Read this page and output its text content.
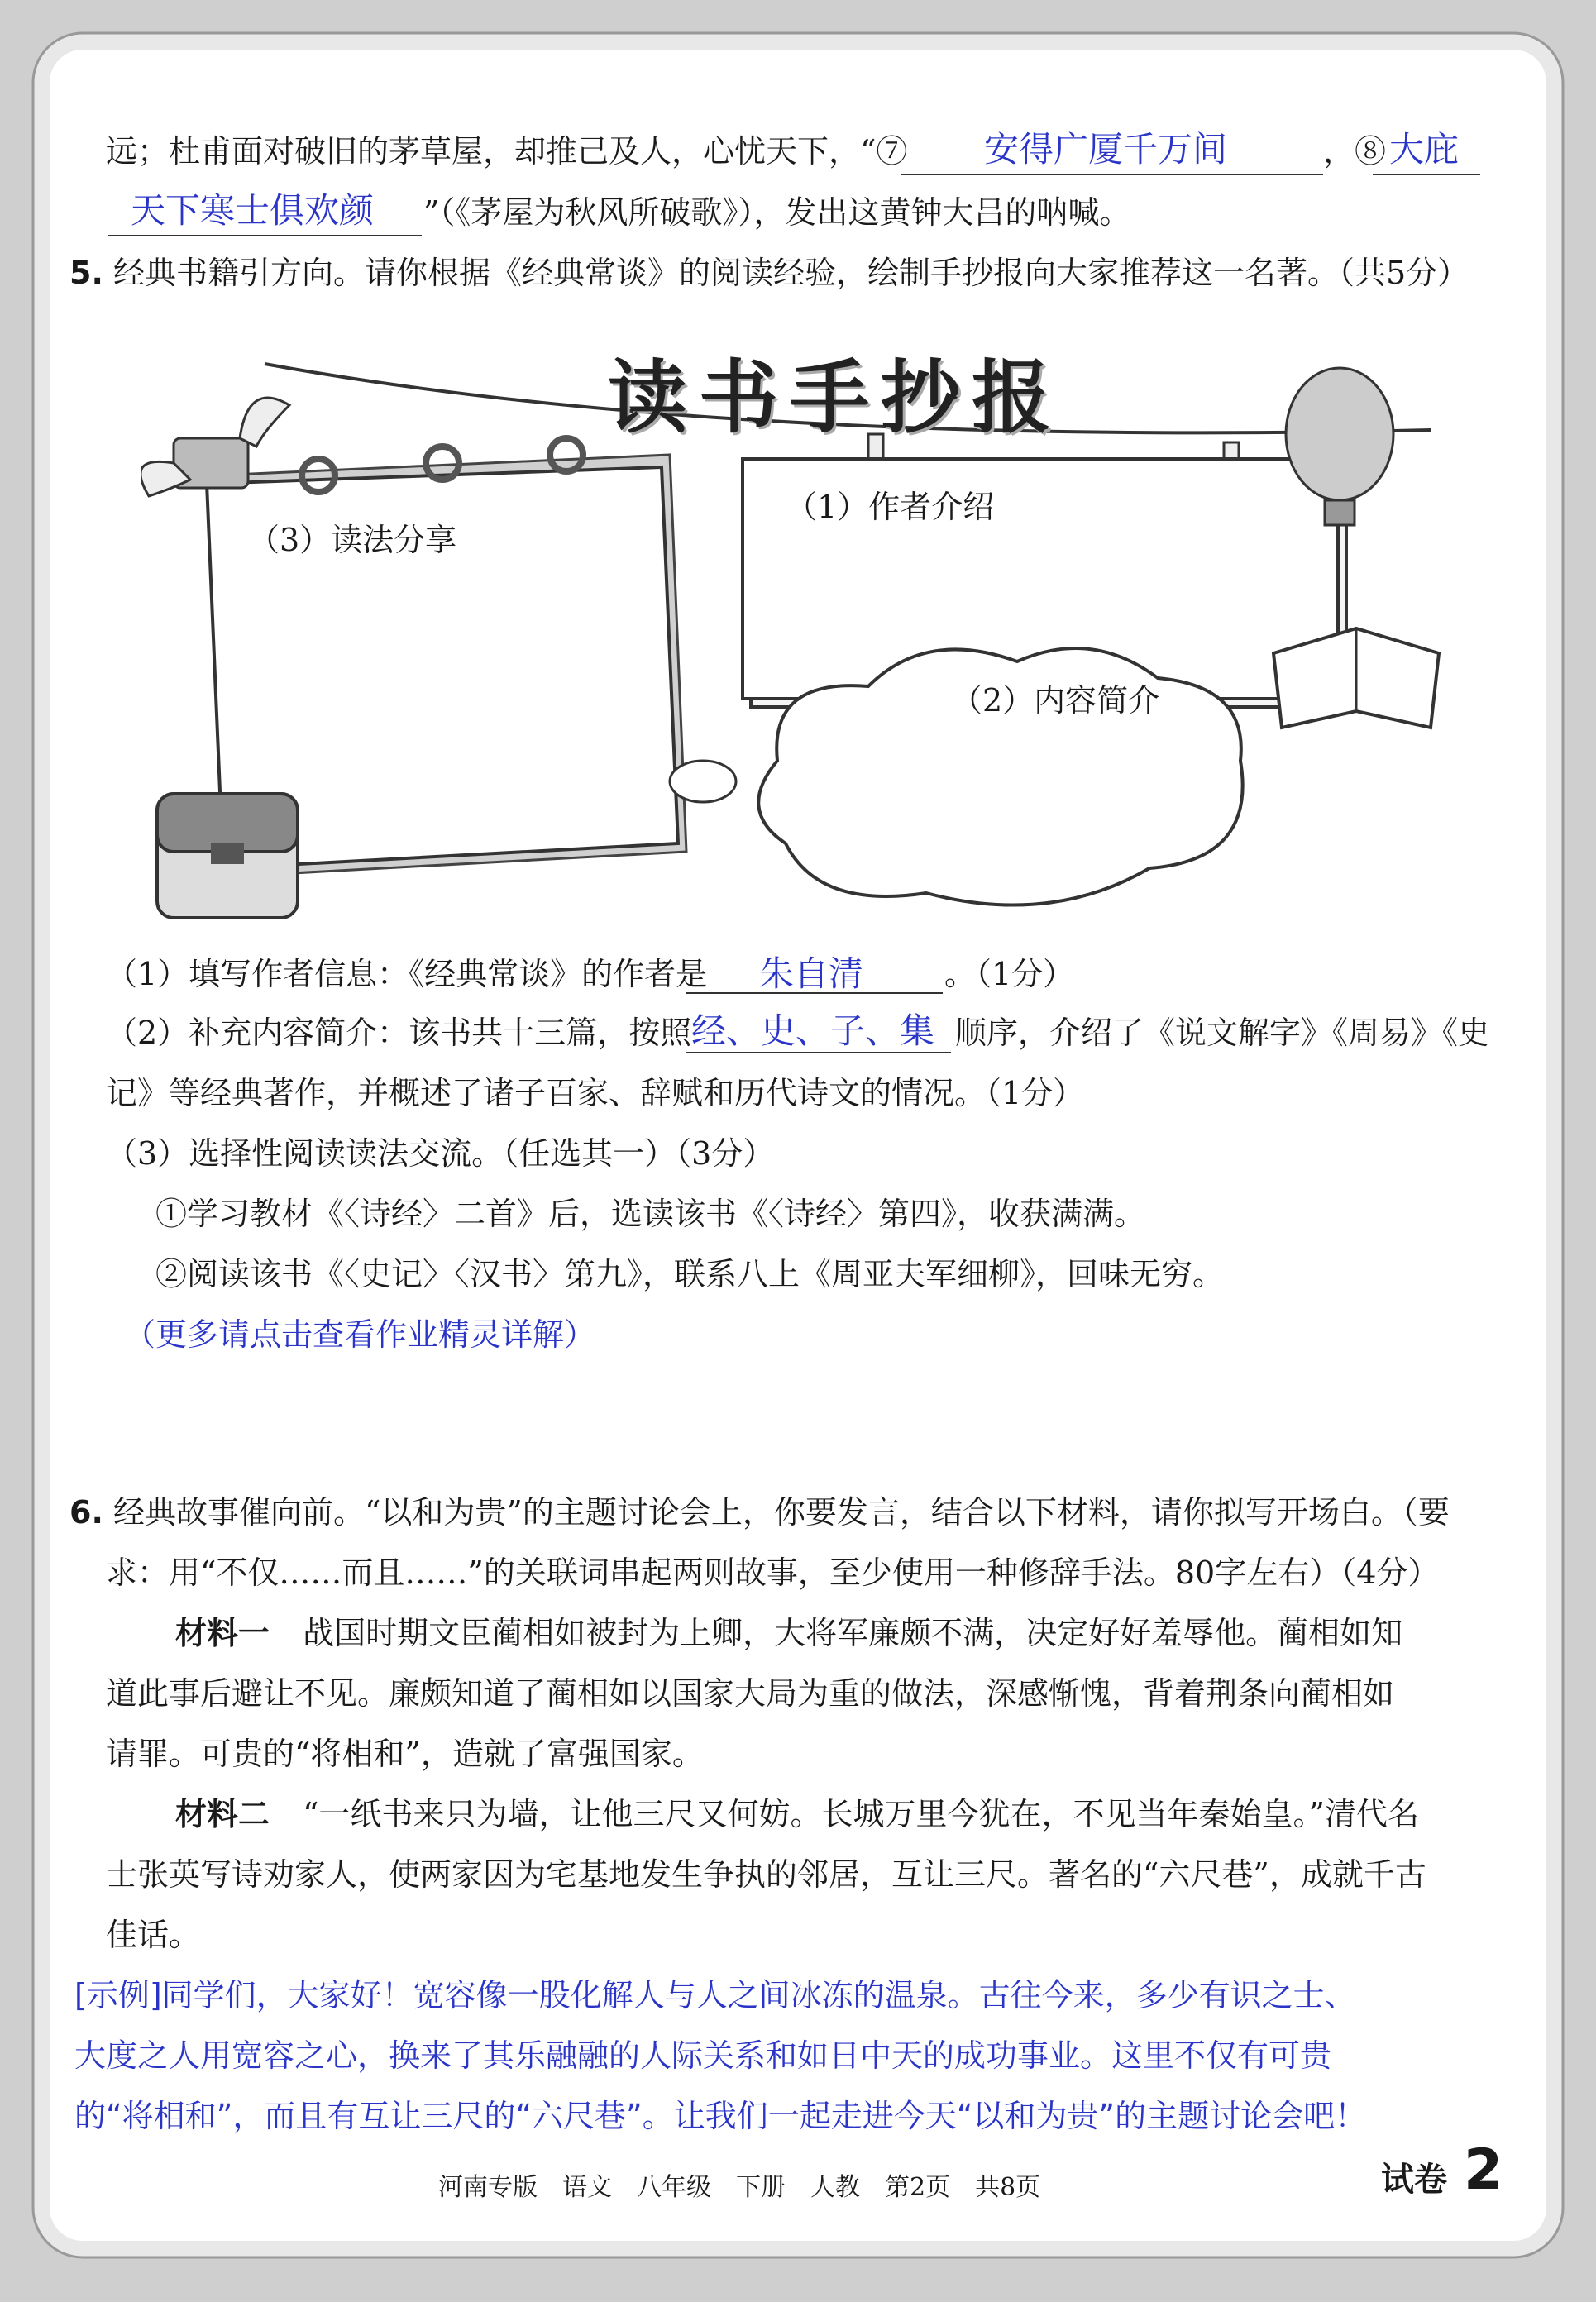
远；杜甫面对破旧的茅草屋，却推己及人，心忧天下，“⑦ 安得广厦千万间	，⑧ 大庇
天下寒士俱欢颜 ”（《茅屋为秋风所破歌》），发出这黄钟大吕的呐喊。
5. 经典书籍引方向。请你根据《经典常谈》的阅读经验，绘制手抄报向大家推荐这一名著。（共5分）
读书手抄报
（3）读法分享
（1）作者介绍
（2）内容简介
（1）填写作者信息：《经典常谈》的作者是 朱自清	。（1分）
（2）补充内容简介：该书共十三篇，按照 经、史、子、集 顺序，介绍了《说文解字》《周易》《史
记》等经典著作，并概述了诸子百家、辞赋和历代诗文的情况。（1分）
（3）选择性阅读读法交流。（任选其一）（3分）
①学习教材《〈诗经〉二首》后，选读该书《〈诗经〉第四》，收获满满。
②阅读该书《〈史记〉〈汉书〉第九》，联系八上《周亚夫军细柳》，回味无穷。
（更多请点击查看作业精灵详解）
6. 经典故事催向前。“以和为贵”的主题讨论会上，你要发言，结合以下材料，请你拟写开场白。（要
求：用“不仅……而且……”的关联词串起两则故事，至少使用一种修辞手法。80字左右）（4分）
材料一 战国时期文臣蔺相如被封为上卿，大将军廉颇不满，决定好好羞辱他。蔺相如知
道此事后避让不见。廉颇知道了蔺相如以国家大局为重的做法，深感惭愧，背着荆条向蔺相如
请罪。可贵的“将相和”，造就了富强国家。
材料二 “一纸书来只为墙，让他三尺又何妨。长城万里今犹在，不见当年秦始皇。”清代名
士张英写诗劝家人，使两家因为宅基地发生争执的邻居，互让三尺。著名的“六尺巷”，成就千古
佳话。
[示例]同学们，大家好！宽容像一股化解人与人之间冰冻的温泉。古往今来，多少有识之士、
大度之人用宽容之心，换来了其乐融融的人际关系和如日中天的成功事业。这里不仅有可贵
的“将相和”，而且有互让三尺的“六尺巷”。让我们一起走进今天“以和为贵”的主题讨论会吧！
河南专版　语文　八年级　下册　人教　第2页　共8页	试卷 2
